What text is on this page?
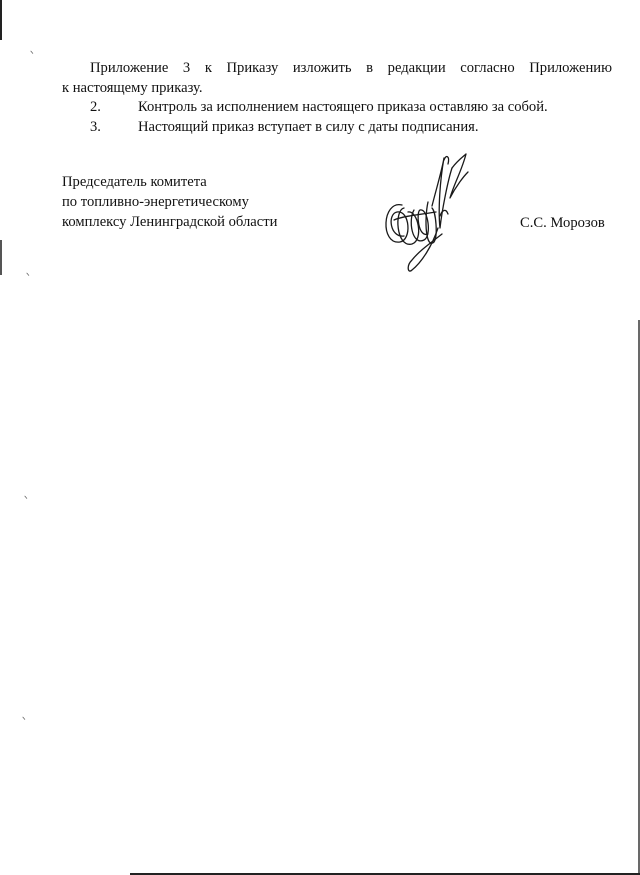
ᐠ
ᐠ
ᐠ
ᐠ

Приложение 3 к Приказу изложить в редакции согласно Приложению
к настоящему приказу.

2.	Контроль за исполнением настоящего приказа оставляю за собой.

3.	Настоящий приказ вступает в силу с даты подписания.

Председатель комитета
по топливно-энергетическому
комплексу Ленинградской области	С.С. Морозов
